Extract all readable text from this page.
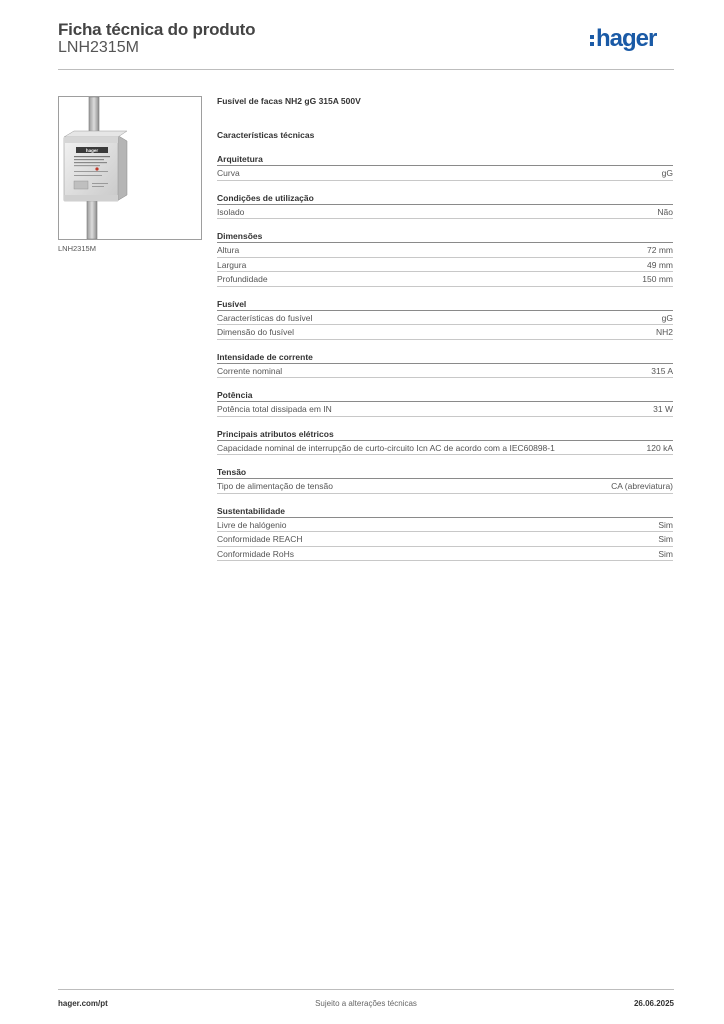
Ficha técnica do produto
LNH2315M	hager
hager
LNH2315M
Fusível de facas NH2 gG 315A 500V
Características técnicas
Arquitetura
Curva	gG
Condições de utilização
Isolado	Não
Dimensões
Altura	72 mm
Largura	49 mm
Profundidade	150 mm
Fusível
Características do fusível	gG
Dimensão do fusível	NH2
Intensidade de corrente
Corrente nominal	315 A
Potência
Potência total dissipada em IN	31 W
Principais atributos elétricos
Capacidade nominal de interrupção de curto-circuito Icn AC de acordo com a IEC60898-1	120 kA
Tensão
Tipo de alimentação de tensão	CA (abreviatura)
Sustentabilidade
Livre de halógenio	Sim
Conformidade REACH	Sim
Conformidade RoHs	Sim
hager.com/pt	Sujeito a alterações técnicas	26.06.2025
